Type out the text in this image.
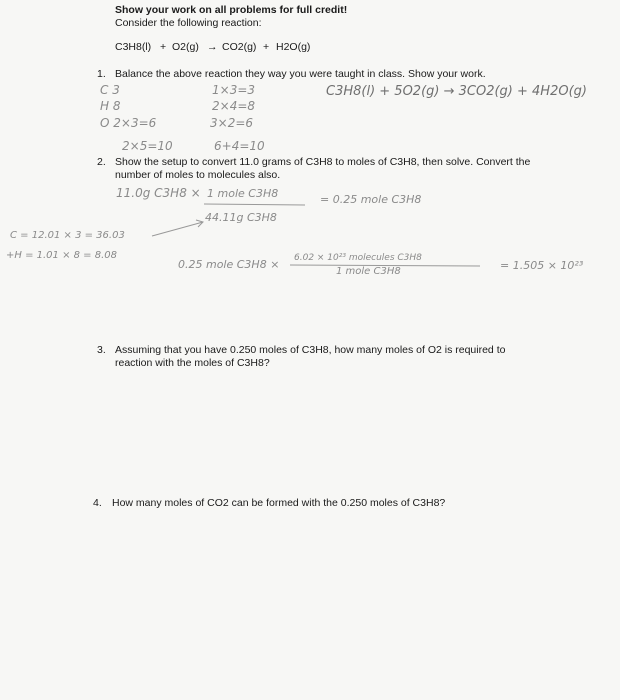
Show your work on all problems for full credit!
Consider the following reaction:
C3H8(l) + O2(g) → CO2(g) + H2O(g)
1. Balance the above reaction they way you were taught in class. Show your work.
C 3
H 8
O 2×3=6
2×5=10
1×3=3
2×4=8
3×2=6
6+4=10
C3H8(l) + 5O2(g) → 3CO2(g) + 4H2O(g)
2. Show the setup to convert 11.0 grams of C3H8 to moles of C3H8, then solve. Convert the
number of moles to molecules also.
11.0g C3H8 × 1 mole C3H8
44.11g C3H8
= 0.25 mole C3H8
C = 12.01 × 3 = 36.03
+H = 1.01 × 8 = 8.08
0.25 mole C3H8 × 6.02 × 10²³ molecules C3H8
1 mole C3H8	= 1.505 × 10²³
3. Assuming that you have 0.250 moles of C3H8, how many moles of O2 is required to
reaction with the moles of C3H8?
4. How many moles of CO2 can be formed with the 0.250 moles of C3H8?
